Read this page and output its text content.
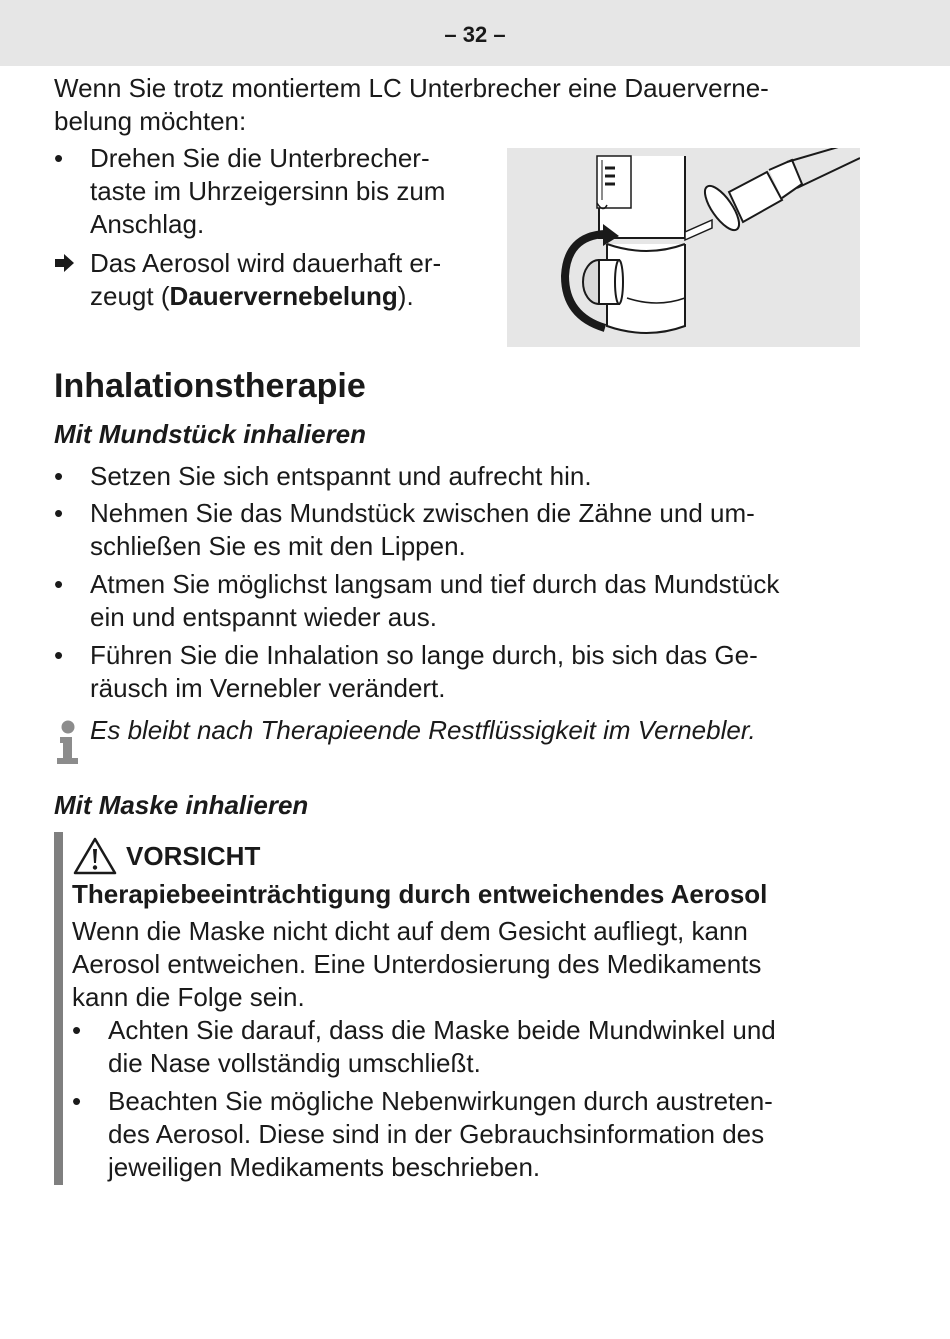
– 32 –
Wenn Sie trotz montiertem LC Unterbrecher eine Dauerverne-
belung möchten:
•	Drehen Sie die Unterbrecher-
taste im Uhrzeigersinn bis zum
Anschlag.
Das Aerosol wird dauerhaft er-
zeugt (Dauervernebelung).
Inhalationstherapie
Mit Mundstück inhalieren
•	Setzen Sie sich entspannt und aufrecht hin.
•	Nehmen Sie das Mundstück zwischen die Zähne und um-
schließen Sie es mit den Lippen.
•	Atmen Sie möglichst langsam und tief durch das Mundstück
ein und entspannt wieder aus.
•	Führen Sie die Inhalation so lange durch, bis sich das Ge-
räusch im Vernebler verändert.
Es bleibt nach Therapieende Restflüssigkeit im Vernebler.
Mit Maske inhalieren
VORSICHT
Therapiebeeinträchtigung durch entweichendes Aerosol
Wenn die Maske nicht dicht auf dem Gesicht aufliegt, kann
Aerosol entweichen. Eine Unterdosierung des Medikaments
kann die Folge sein.
•	Achten Sie darauf, dass die Maske beide Mundwinkel und
die Nase vollständig umschließt.
•	Beachten Sie mögliche Nebenwirkungen durch austreten-
des Aerosol. Diese sind in der Gebrauchsinformation des
jeweiligen Medikaments beschrieben.
